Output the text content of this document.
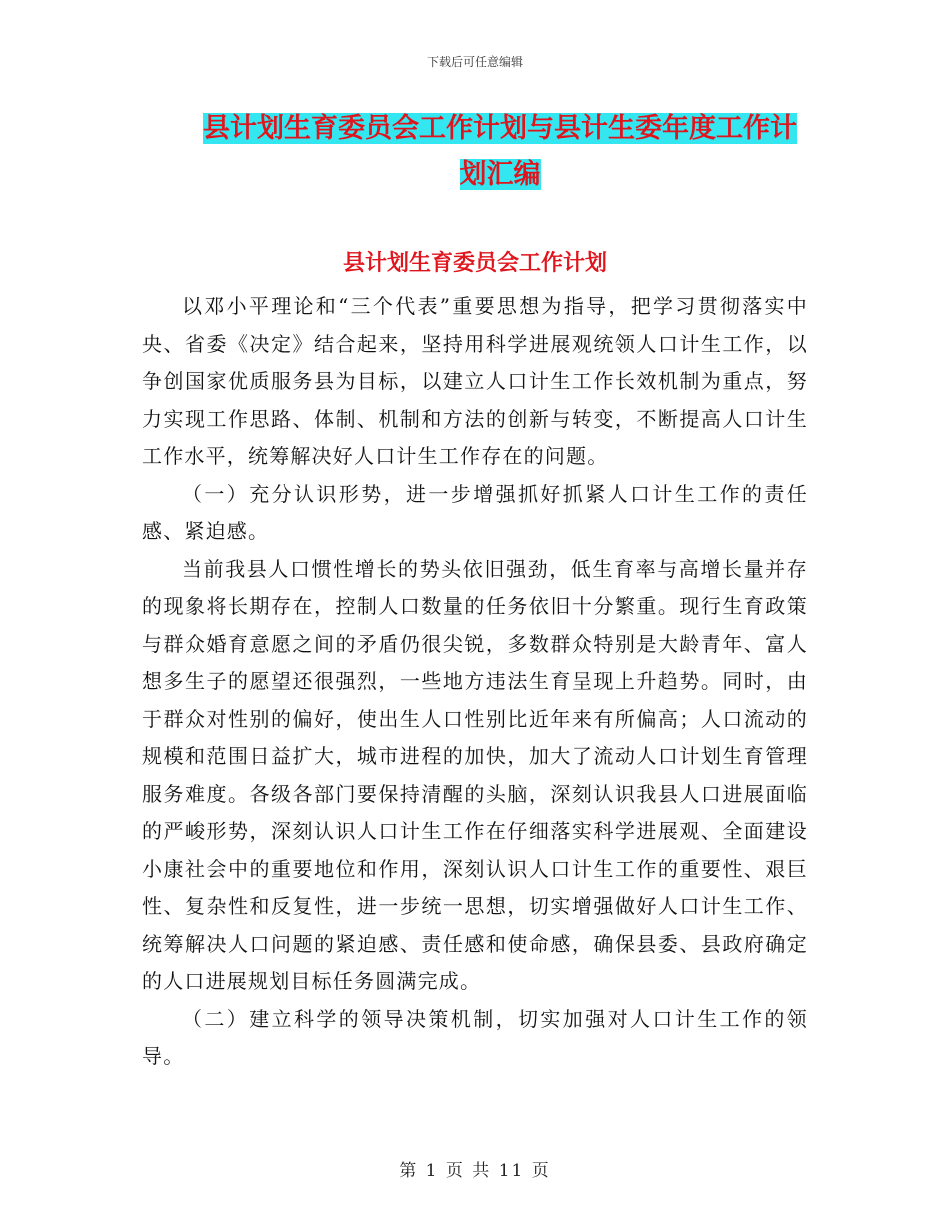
下载后可任意编辑
县计划生育委员会工作计划与县计生委年度工作计划汇编
县计划生育委员会工作计划

以邓小平理论和“三个代表”重要思想为指导，把学习贯彻落实中央、省委《决定》结合起来，坚持用科学进展观统领人口计生工作，以争创国家优质服务县为目标，以建立人口计生工作长效机制为重点，努力实现工作思路、体制、机制和方法的创新与转变，不断提高人口计生工作水平，统筹解决好人口计生工作存在的问题。

（一）充分认识形势，进一步增强抓好抓紧人口计生工作的责任感、紧迫感。

当前我县人口惯性增长的势头依旧强劲，低生育率与高增长量并存的现象将长期存在，控制人口数量的任务依旧十分繁重。现行生育政策与群众婚育意愿之间的矛盾仍很尖锐，多数群众特别是大龄青年、富人想多生子的愿望还很强烈，一些地方违法生育呈现上升趋势。同时，由于群众对性别的偏好，使出生人口性别比近年来有所偏高；人口流动的规模和范围日益扩大，城市进程的加快，加大了流动人口计划生育管理服务难度。各级各部门要保持清醒的头脑，深刻认识我县人口进展面临的严峻形势，深刻认识人口计生工作在仔细落实科学进展观、全面建设小康社会中的重要地位和作用，深刻认识人口计生工作的重要性、艰巨性、复杂性和反复性，进一步统一思想，切实增强做好人口计生工作、统筹解决人口问题的紧迫感、责任感和使命感，确保县委、县政府确定的人口进展规划目标任务圆满完成。

（二）建立科学的领导决策机制，切实加强对人口计生工作的领导。

第 1 页 共 11 页
